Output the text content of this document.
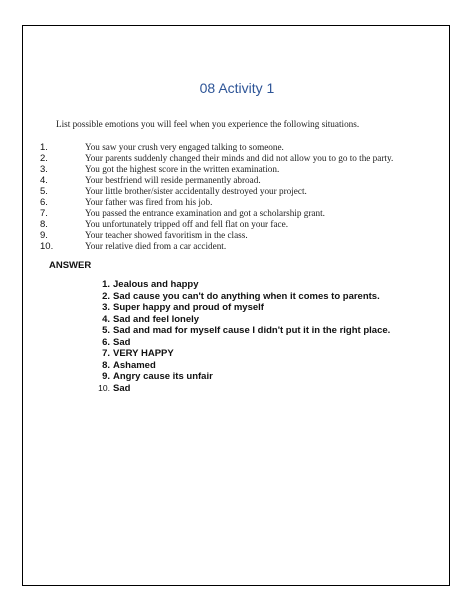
08 Activity 1
List possible emotions you will feel when you experience the following situations.
1.	You saw your crush very engaged talking to someone.
2.	Your parents suddenly changed their minds and did not allow you to go to the party.
3.	You got the highest score in the written examination.
4.	Your bestfriend will reside permanently abroad.
5.	Your little brother/sister accidentally destroyed your project.
6.	Your father was fired from his job.
7.	You passed the entrance examination and got a scholarship grant.
8.	You unfortunately tripped off and fell flat on your face.
9.	Your teacher showed favoritism in the class.
10.	Your relative died from a car accident.
ANSWER
1. Jealous and happy
2. Sad cause you can't do anything when it comes to parents.
3. Super happy and proud of myself
4. Sad and feel lonely
5. Sad and mad for myself cause I didn't put it in the right place.
6. Sad
7. VERY HAPPY
8. Ashamed
9. Angry cause its unfair
10. Sad
